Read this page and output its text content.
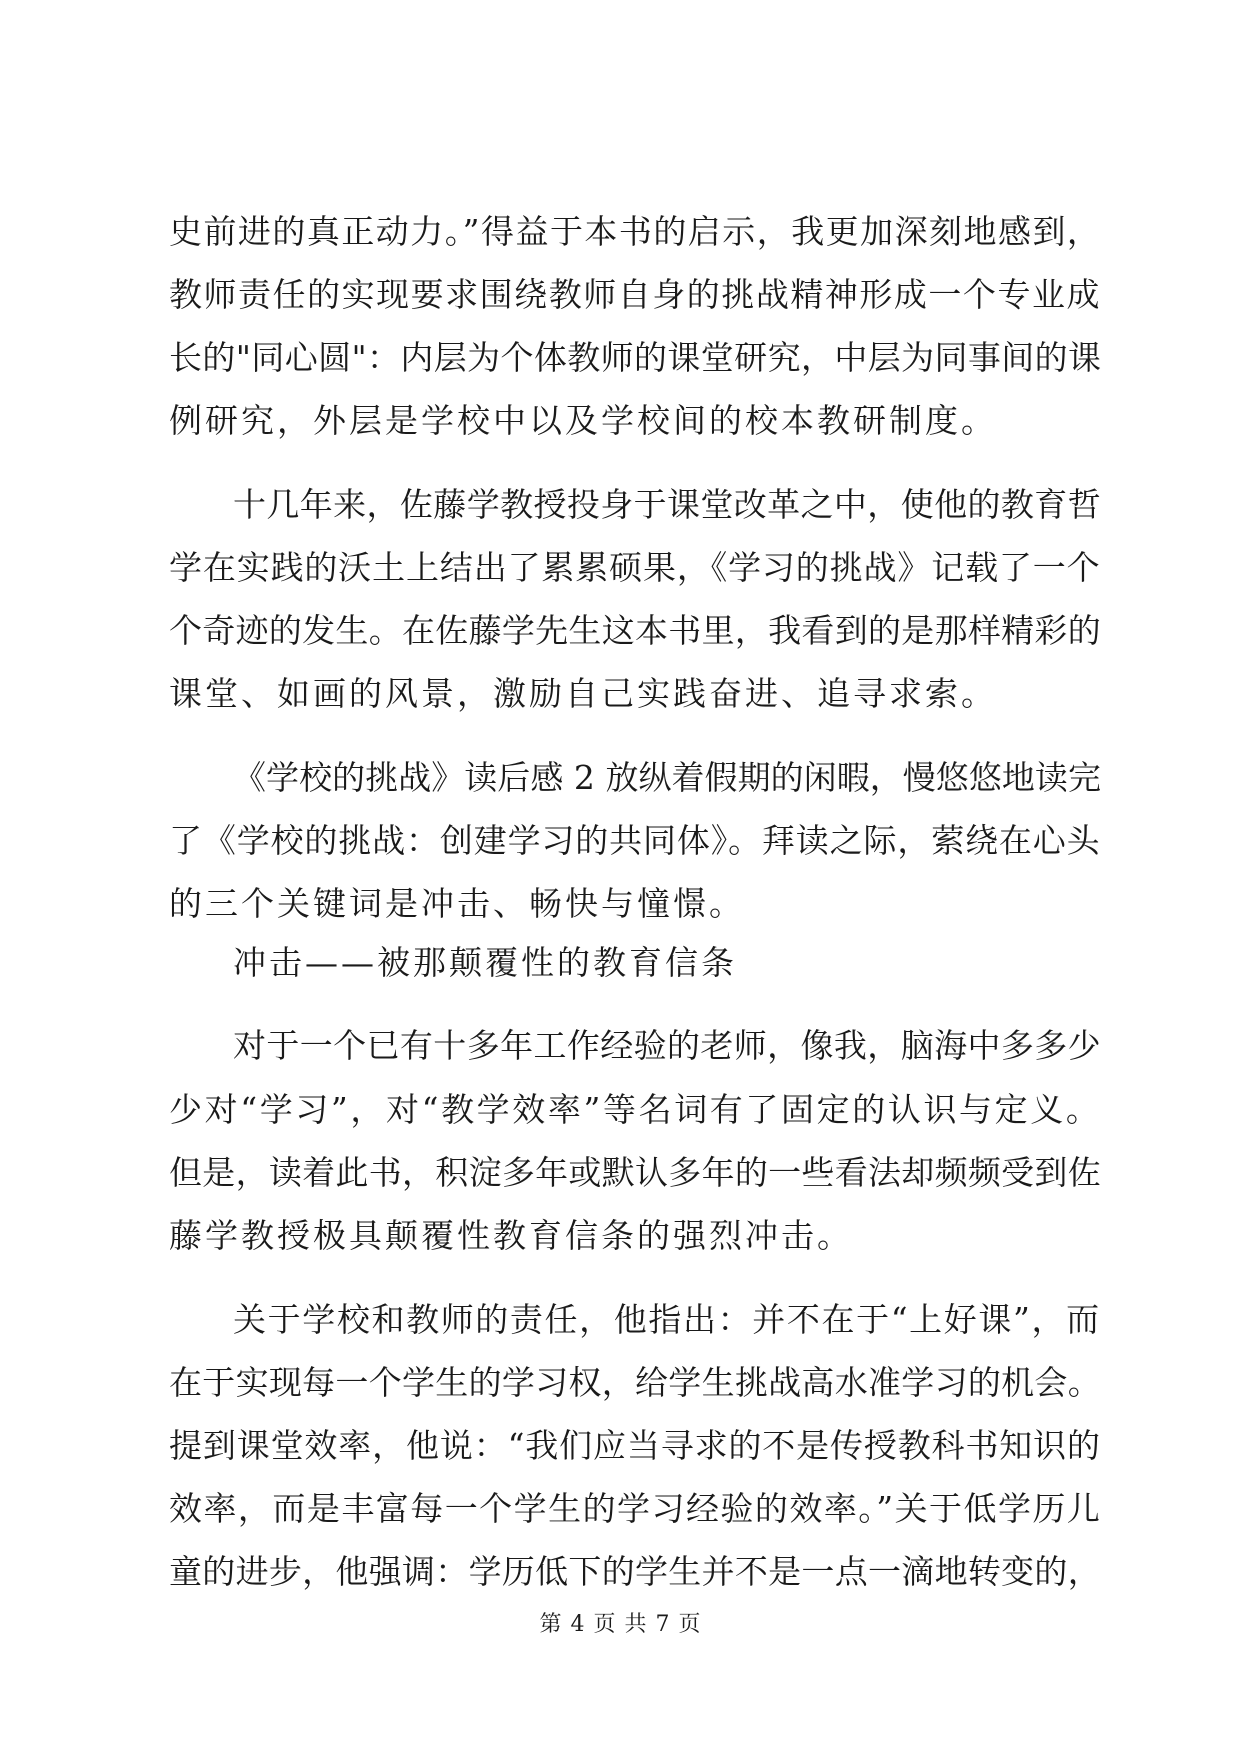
史前进的真正动力。”得益于本书的启示，我更加深刻地感到，
教师责任的实现要求围绕教师自身的挑战精神形成一个专业成
长的"同心圆"：内层为个体教师的课堂研究，中层为同事间的课
例研究，外层是学校中以及学校间的校本教研制度。
十几年来，佐藤学教授投身于课堂改革之中，使他的教育哲
学在实践的沃土上结出了累累硕果，《学习的挑战》记载了一个
个奇迹的发生。在佐藤学先生这本书里，我看到的是那样精彩的
课堂、如画的风景，激励自己实践奋进、追寻求索。
《学校的挑战》读后感 2 放纵着假期的闲暇，慢悠悠地读完
了《学校的挑战：创建学习的共同体》。拜读之际，萦绕在心头
的三个关键词是冲击、畅快与憧憬。
冲击——被那颠覆性的教育信条
对于一个已有十多年工作经验的老师，像我，脑海中多多少
少对“学习”，对“教学效率”等名词有了固定的认识与定义。
但是，读着此书，积淀多年或默认多年的一些看法却频频受到佐
藤学教授极具颠覆性教育信条的强烈冲击。
关于学校和教师的责任，他指出：并不在于“上好课”，而
在于实现每一个学生的学习权，给学生挑战高水准学习的机会。
提到课堂效率，他说：“我们应当寻求的不是传授教科书知识的
效率，而是丰富每一个学生的学习经验的效率。”关于低学历儿
童的进步，他强调：学历低下的学生并不是一点一滴地转变的，
第 4 页 共 7 页
